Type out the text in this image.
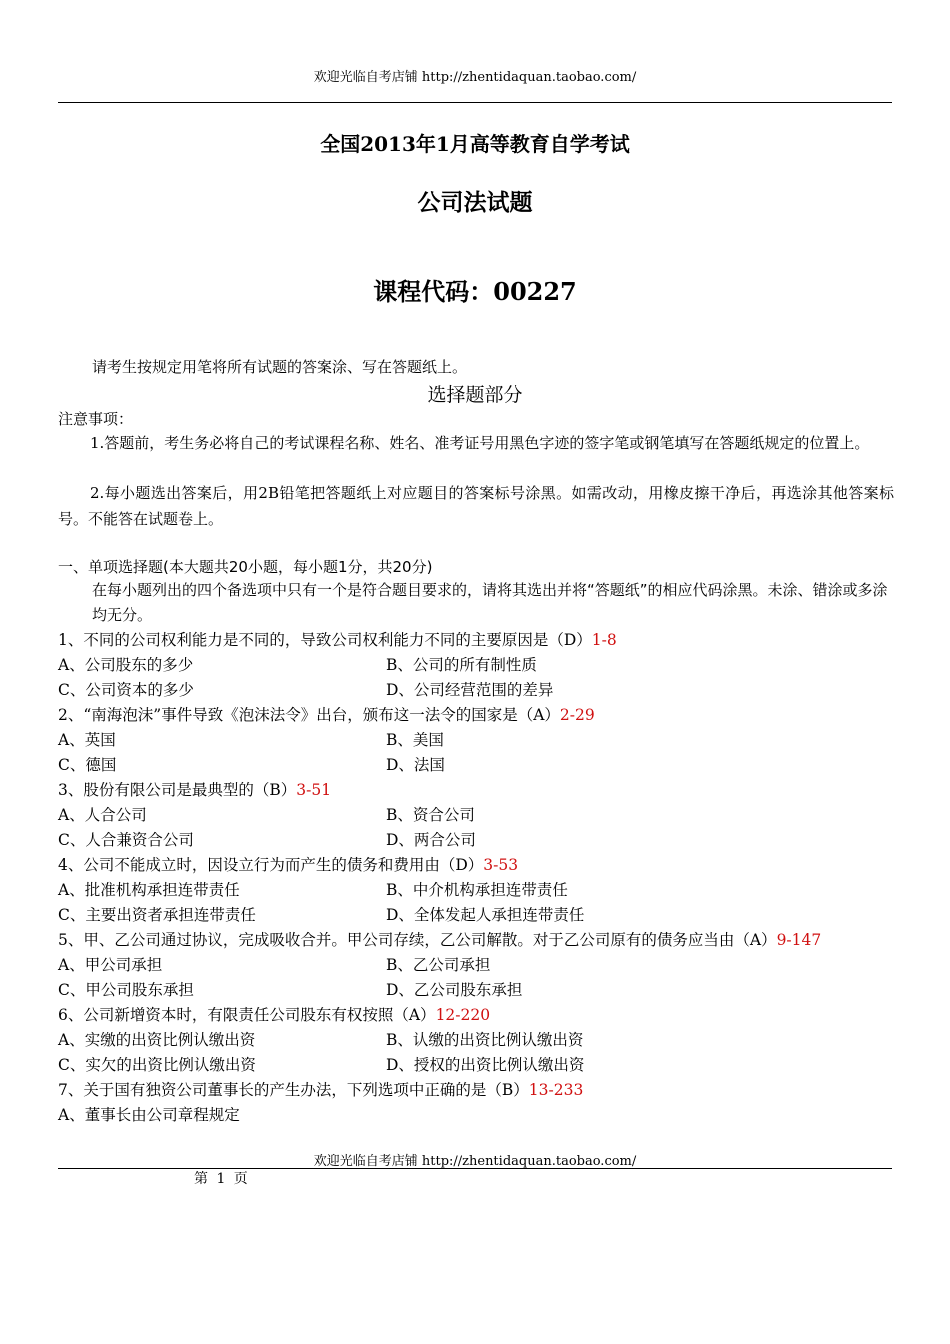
欢迎光临自考店铺 http://zhentidaquan.taobao.com/
全国2013年1月高等教育自学考试
公司法试题
课程代码：00227
请考生按规定用笔将所有试题的答案涂、写在答题纸上。
选择题部分
注意事项：
1.答题前，考生务必将自己的考试课程名称、姓名、准考证号用黑色字迹的签字笔或钢笔填写在答题纸规定的位置上。
2.每小题选出答案后，用2B铅笔把答题纸上对应题目的答案标号涂黑。如需改动，用橡皮擦干净后，再选涂其他答案标号。不能答在试题卷上。
一、单项选择题(本大题共20小题，每小题1分，共20分)
在每小题列出的四个备选项中只有一个是符合题目要求的，请将其选出并将“答题纸”的相应代码涂黑。未涂、错涂或多涂均无分。
1、不同的公司权利能力是不同的，导致公司权利能力不同的主要原因是（D）1-8
A、公司股东的多少	B、公司的所有制性质
C、公司资本的多少	D、公司经营范围的差异
2、“南海泡沫”事件导致《泡沫法令》出台，颁布这一法令的国家是（A）2-29
A、英国	B、美国
C、德国	D、法国
3、股份有限公司是最典型的（B）3-51
A、人合公司	B、资合公司
C、人合兼资合公司	D、两合公司
4、公司不能成立时，因设立行为而产生的债务和费用由（D）3-53
A、批准机构承担连带责任	B、中介机构承担连带责任
C、主要出资者承担连带责任	D、全体发起人承担连带责任
5、甲、乙公司通过协议，完成吸收合并。甲公司存续，乙公司解散。对于乙公司原有的债务应当由（A）9-147
A、甲公司承担	B、乙公司承担
C、甲公司股东承担	D、乙公司股东承担
6、公司新增资本时，有限责任公司股东有权按照（A）12-220
A、实缴的出资比例认缴出资	B、认缴的出资比例认缴出资
C、实欠的出资比例认缴出资	D、授权的出资比例认缴出资
7、关于国有独资公司董事长的产生办法，下列选项中正确的是（B）13-233
A、董事长由公司章程规定
欢迎光临自考店铺 http://zhentidaquan.taobao.com/
第 1 页
